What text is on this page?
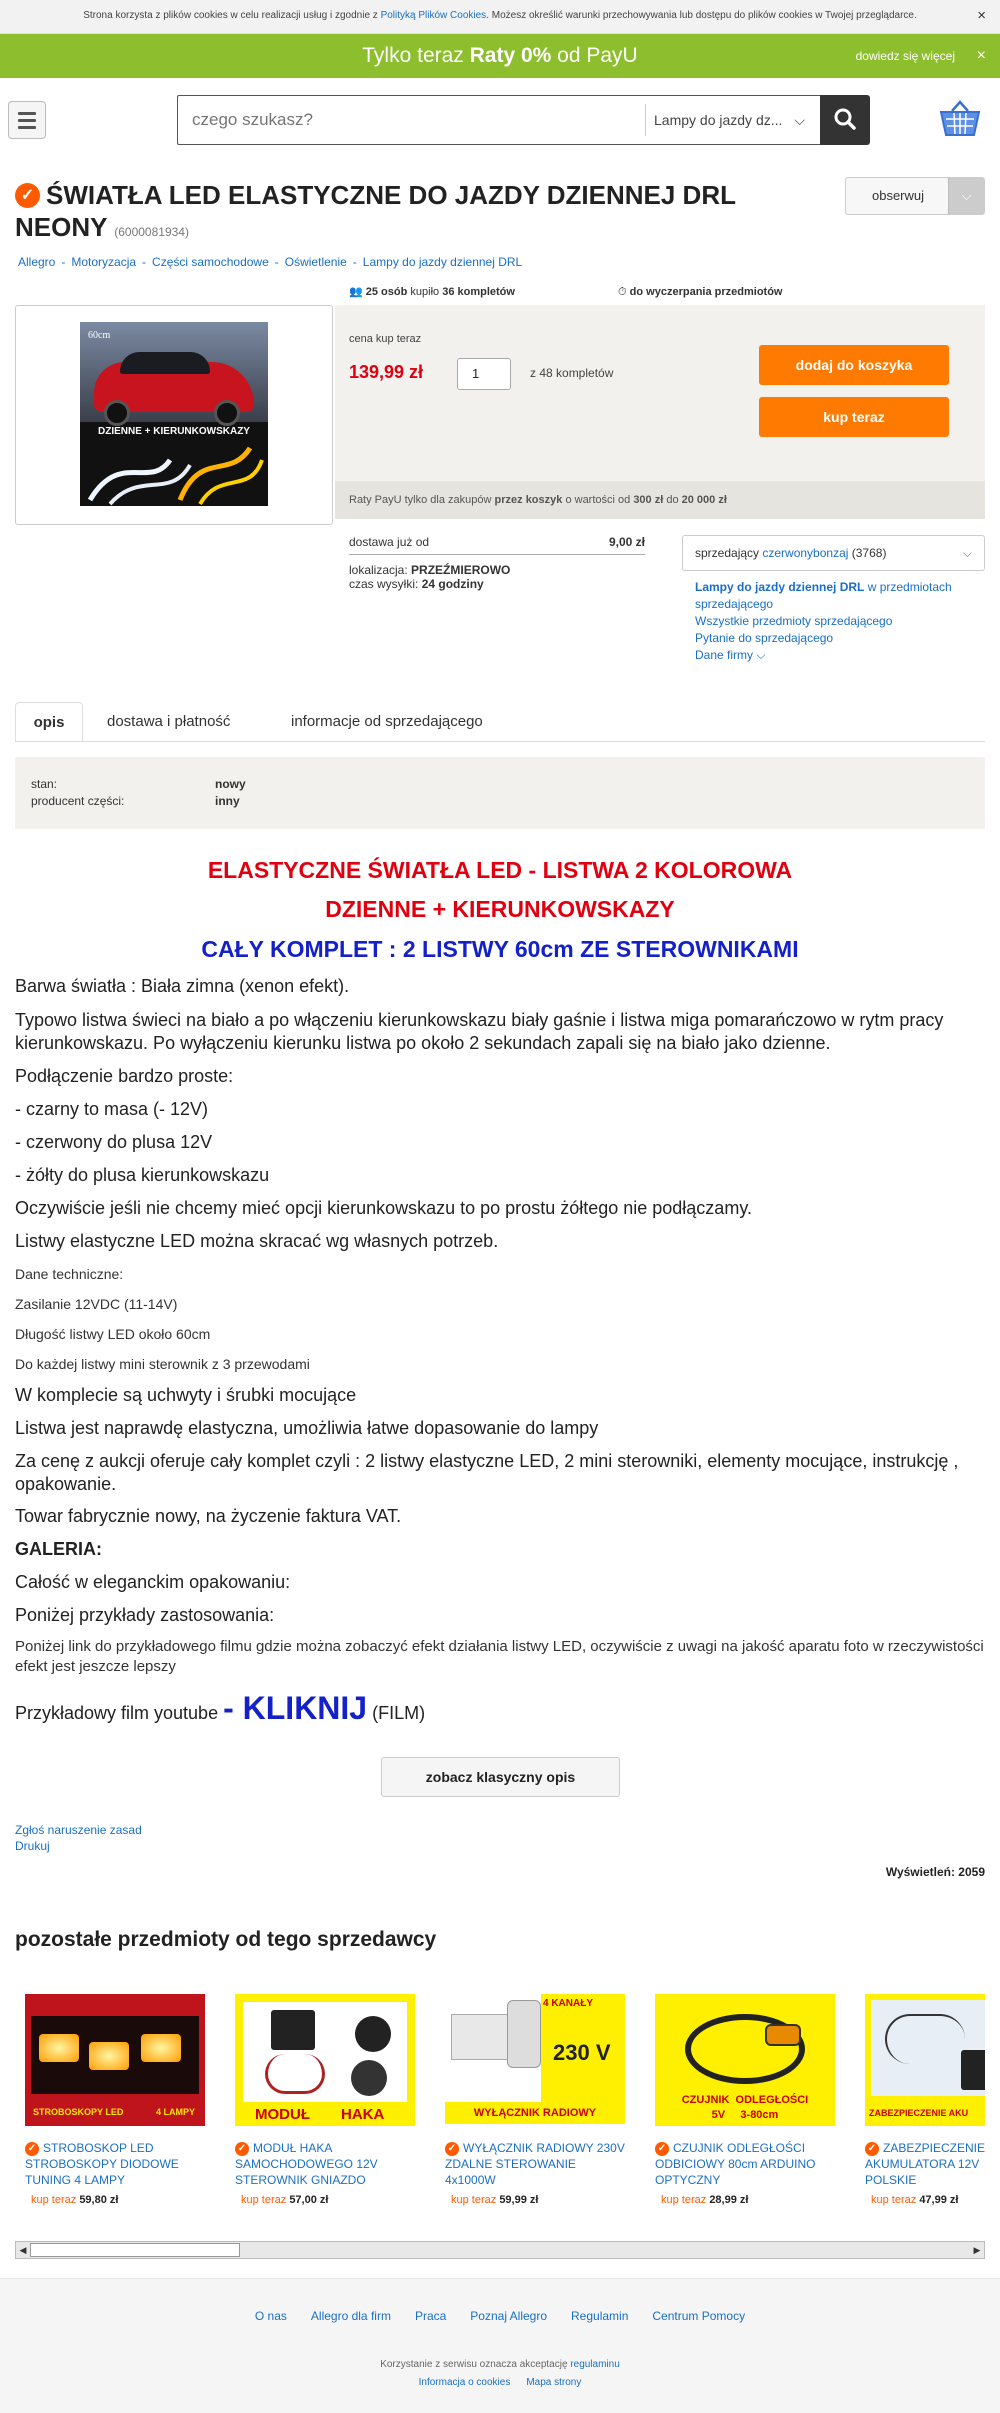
Strona korzysta z plików cookies w celu realizacji usług i zgodnie z Polityką Plików Cookies. Możesz określić warunki przechowywania lub dostępu do plików cookies w Twojej przeglądarce.	×
Tylko teraz Raty 0% od PayU	dowiedz się więcej ×
czego szukasz?
Lampy do jazdy dz... ⌵
✓ ŚWIATŁA LED ELASTYCZNE DO JAZDY DZIENNEJ DRL NEONY (6000081934)
obserwuj	⌵
Allegro - Motoryzacja - Części samochodowe - Oświetlenie - Lampy do jazdy dziennej DRL
60cm
DZIENNE + KIERUNKOWSKAZY
👥 25 osób kupiło 36 kompletów	⏱ do wyczerpania przedmiotów
cena kup teraz
139,99 zł	1	z 48 kompletów	dodaj do koszyka
kup teraz
Raty PayU tylko dla zakupów przez koszyk o wartości od 300 zł do 20 000 zł
dostawa już od	9,00 zł
lokalizacja: PRZEŹMIEROWO
czas wysyłki: 24 godziny
sprzedający czerwonybonzaj (3768)	⌵
Lampy do jazdy dziennej DRL w przedmiotach sprzedającego
Wszystkie przedmioty sprzedającego
Pytanie do sprzedającego
Dane firmy ⌵
opis	dostawa i płatność	informacje od sprzedającego
stan:	nowy
producent części:	inny
ELASTYCZNE ŚWIATŁA LED - LISTWA 2 KOLOROWA
DZIENNE + KIERUNKOWSKAZY
CAŁY KOMPLET : 2 LISTWY 60cm ZE STEROWNIKAMI
Barwa światła : Biała zimna (xenon efekt).
Typowo listwa świeci na biało a po włączeniu kierunkowskazu biały gaśnie i listwa miga pomarańczowo w rytm pracy kierunkowskazu. Po wyłączeniu kierunku listwa po około 2 sekundach zapali się na biało jako dzienne.
Podłączenie bardzo proste:
- czarny to masa (- 12V)
- czerwony do plusa 12V
- żółty do plusa kierunkowskazu
Oczywiście jeśli nie chcemy mieć opcji kierunkowskazu to po prostu żółtego nie podłączamy.
Listwy elastyczne LED można skracać wg własnych potrzeb.
Dane techniczne:
Zasilanie 12VDC (11-14V)
Długość listwy LED około 60cm
Do każdej listwy mini sterownik z 3 przewodami
W komplecie są uchwyty i śrubki mocujące
Listwa jest naprawdę elastyczna, umożliwia łatwe dopasowanie do lampy
Za cenę z aukcji oferuje cały komplet czyli : 2 listwy elastyczne LED, 2 mini sterowniki, elementy mocujące, instrukcję , opakowanie.
Towar fabrycznie nowy, na życzenie faktura VAT.
GALERIA:
Całość w eleganckim opakowaniu:
Poniżej przykłady zastosowania:
Poniżej link do przykładowego filmu gdzie można zobaczyć efekt działania listwy LED, oczywiście z uwagi na jakość aparatu foto w rzeczywistości efekt jest jeszcze lepszy
Przykładowy film youtube - KLIKNIJ (FILM)
zobacz klasyczny opis
Zgłoś naruszenie zasad
Drukuj
Wyświetleń: 2059
pozostałe przedmioty od tego sprzedawcy
STROBOSKOPY LED	4 LAMPY
✓ STROBOSKOP LED STROBOSKOPY DIODOWE TUNING 4 LAMPY
kup teraz 59,80 zł
MODUŁ HAKA
✓ MODUŁ HAKA SAMOCHODOWEGO 12V STEROWNIK GNIAZDO
kup teraz 57,00 zł
4 KANAŁY
230 V
WYŁĄCZNIK RADIOWY
✓ WYŁĄCZNIK RADIOWY 230V ZDALNE STEROWANIE 4x1000W
kup teraz 59,99 zł
CZUJNIK  ODLEGŁOŚCI
5V     3-80cm
✓ CZUJNIK ODLEGŁOŚCI ODBICIOWY 80cm ARDUINO OPTYCZNY
kup teraz 28,99 zł
ZABEZPIECZENIE AKU
✓ ZABEZPIECZENIE AKUMULATORA 12V POLSKIE
kup teraz 47,99 zł
◀	▶
O nas Allegro dla firm Praca Poznaj Allegro Regulamin Centrum Pomocy
Korzystanie z serwisu oznacza akceptację regulaminu
Informacja o cookies Mapa strony
